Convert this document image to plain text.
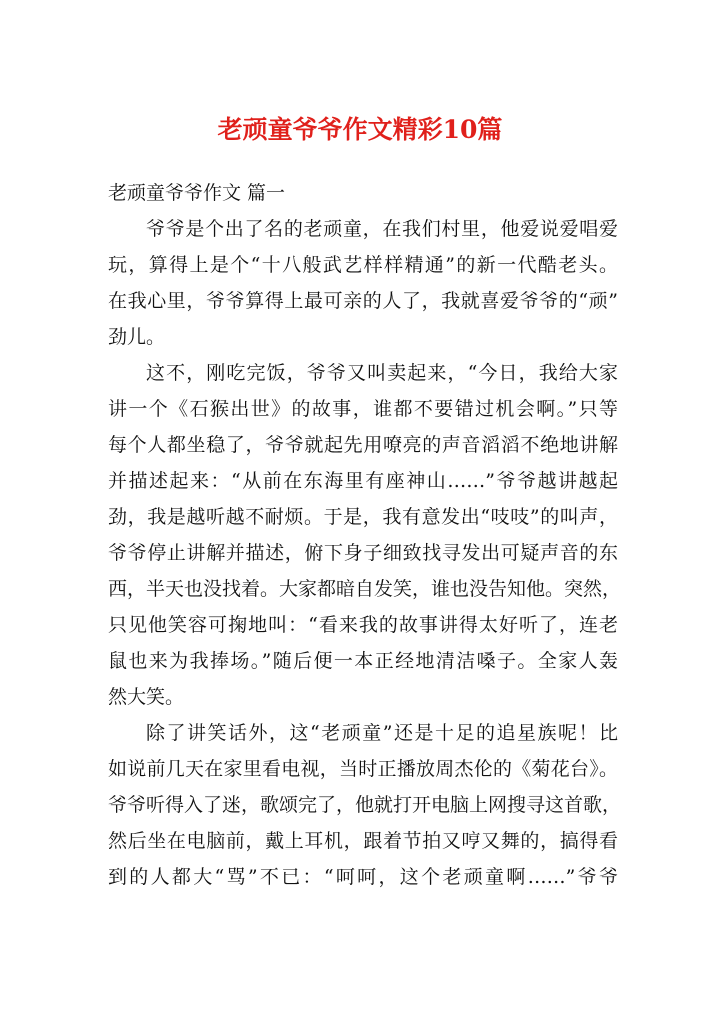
老顽童爷爷作文精彩10篇

老顽童爷爷作文 篇一

爷爷是个出了名的老顽童，在我们村里，他爱说爱唱爱
玩，算得上是个“十八般武艺样样精通”的新一代酷老头。
在我心里，爷爷算得上最可亲的人了，我就喜爱爷爷的“顽”
劲儿。

这不，刚吃完饭，爷爷又叫卖起来，“今日，我给大家
讲一个《石猴出世》的故事，谁都不要错过机会啊。”只等
每个人都坐稳了，爷爷就起先用嘹亮的声音滔滔不绝地讲解
并描述起来：“从前在东海里有座神山……”爷爷越讲越起
劲，我是越听越不耐烦。于是，我有意发出“吱吱”的叫声，
爷爷停止讲解并描述，俯下身子细致找寻发出可疑声音的东
西，半天也没找着。大家都暗自发笑，谁也没告知他。突然，
只见他笑容可掬地叫：“看来我的故事讲得太好听了，连老
鼠也来为我捧场。”随后便一本正经地清洁嗓子。全家人轰
然大笑。

除了讲笑话外，这“老顽童”还是十足的追星族呢！比
如说前几天在家里看电视，当时正播放周杰伦的《菊花台》。
爷爷听得入了迷，歌颂完了，他就打开电脑上网搜寻这首歌，
然后坐在电脑前，戴上耳机，跟着节拍又哼又舞的，搞得看
到的人都大“骂”不已：“呵呵，这个老顽童啊……”爷爷
